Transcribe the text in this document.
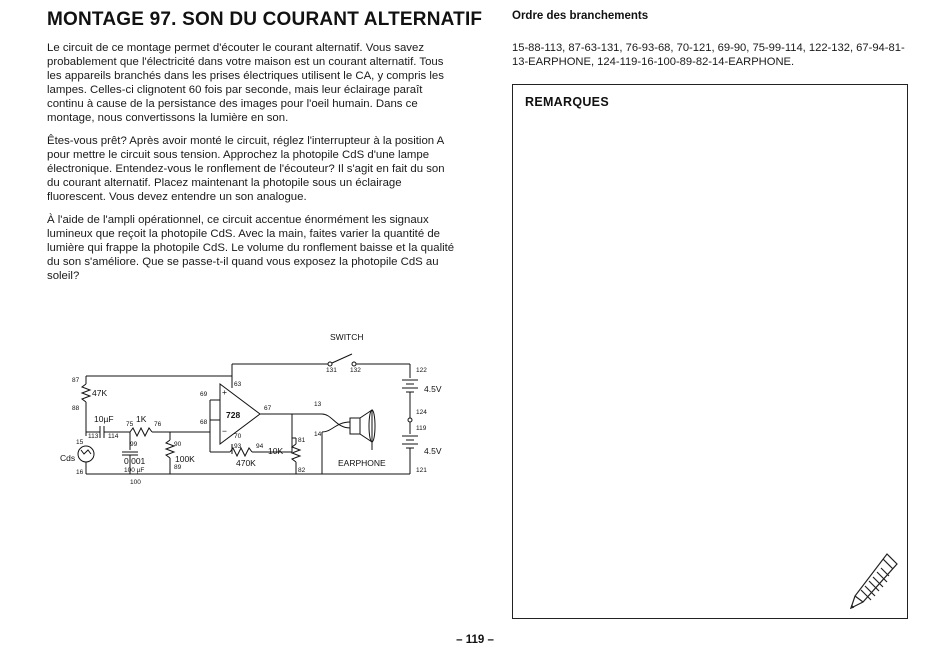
MONTAGE 97. SON DU COURANT ALTERNATIF

Le circuit de ce montage permet d'écouter le courant alternatif. Vous savez probablement que l'électricité dans votre maison est un courant alternatif. Tous les appareils branchés dans les prises électriques utilisent le CA, y compris les lampes. Celles-ci clignotent 60 fois par seconde, mais leur éclairage paraît continu à cause de la persistance des images pour l'oeil humain. Dans ce montage, nous convertissons la lumière en son.

Êtes-vous prêt? Après avoir monté le circuit, réglez l'interrupteur à la position A pour mettre le circuit sous tension. Approchez la photopile CdS d'une lampe électronique. Entendez-vous le ronflement de l'écouteur? Il s'agit en fait du son du courant alternatif. Placez maintenant la photopile sous un éclairage fluorescent. Vous devez entendre un son analogue.

À l'aide de l'ampli opérationnel, ce circuit accentue énormément les signaux lumineux que reçoit la photopile CdS. Avec la main, faites varier la quantité de lumière qui frappe la photopile CdS. Le volume du ronflement baisse et la qualité du son s'améliore. Que se passe-t-il quand vous exposez la photopile CdS au soleil?

Ordre des branchements

15-88-113, 87-63-131, 76-93-68, 70-121, 69-90, 75-99-114, 122-132, 67-94-81-13-EARPHONE, 124-119-16-100-89-82-14-EARPHONE.

REMARQUES
SWITCH
728
+
−
47K
10µF	1K
0.001
100 µF
100K	470K
10K
Cds
4.5V
4.5V
EARPHONE
87
88
15
16
113 114
75	76
99
100
90
89
69
68
63
70
67
93 94
81
82
13
14
131 132	122
124
119
121
– 119 –
